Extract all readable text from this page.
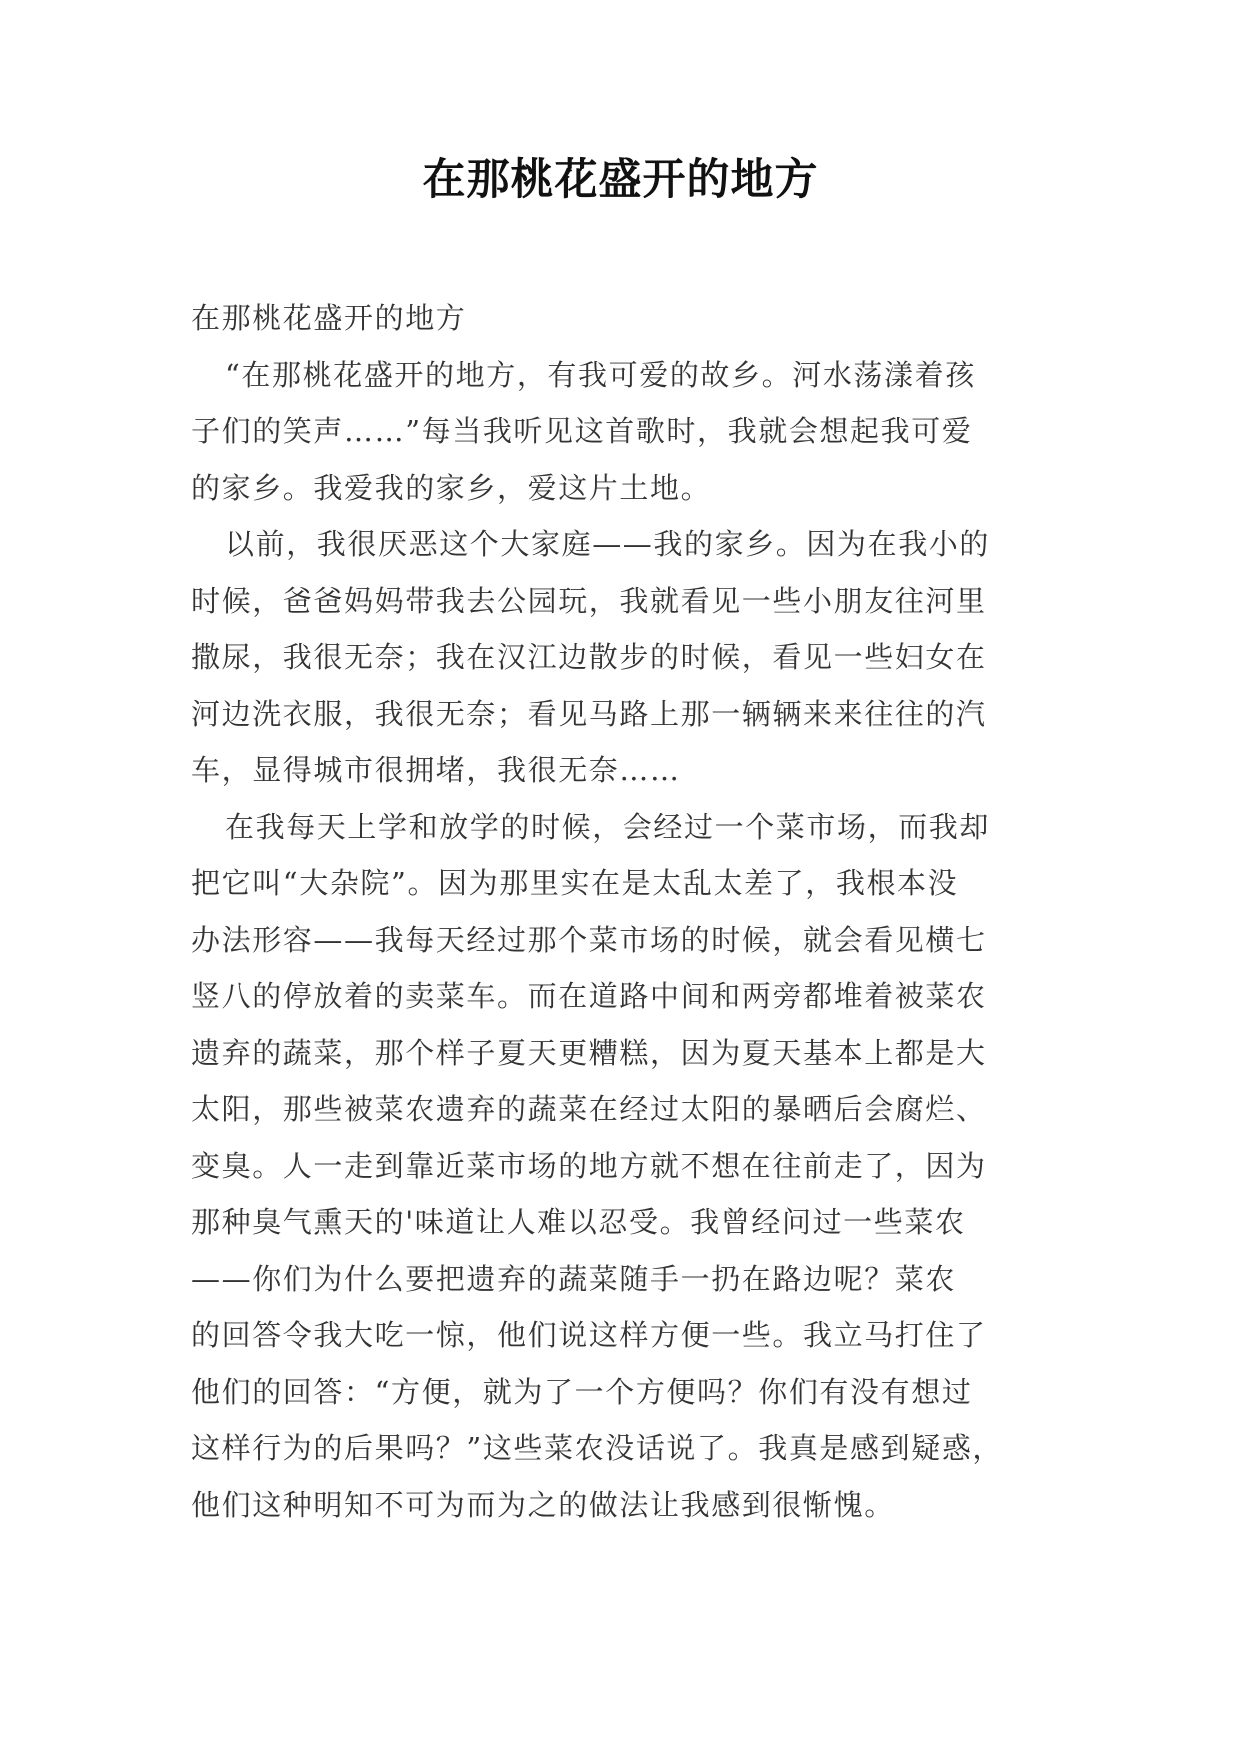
在那桃花盛开的地方
在那桃花盛开的地方
“在那桃花盛开的地方，有我可爱的故乡。河水荡漾着孩
子们的笑声……”每当我听见这首歌时，我就会想起我可爱
的家乡。我爱我的家乡，爱这片土地。
以前，我很厌恶这个大家庭——我的家乡。因为在我小的
时候，爸爸妈妈带我去公园玩，我就看见一些小朋友往河里
撒尿，我很无奈；我在汉江边散步的时候，看见一些妇女在
河边洗衣服，我很无奈；看见马路上那一辆辆来来往往的汽
车，显得城市很拥堵，我很无奈……
在我每天上学和放学的时候，会经过一个菜市场，而我却
把它叫“大杂院”。因为那里实在是太乱太差了，我根本没
办法形容——我每天经过那个菜市场的时候，就会看见横七
竖八的停放着的卖菜车。而在道路中间和两旁都堆着被菜农
遗弃的蔬菜，那个样子夏天更糟糕，因为夏天基本上都是大
太阳，那些被菜农遗弃的蔬菜在经过太阳的暴晒后会腐烂、
变臭。人一走到靠近菜市场的地方就不想在往前走了，因为
那种臭气熏天的'味道让人难以忍受。我曾经问过一些菜农
——你们为什么要把遗弃的蔬菜随手一扔在路边呢？菜农
的回答令我大吃一惊，他们说这样方便一些。我立马打住了
他们的回答：“方便，就为了一个方便吗？你们有没有想过
这样行为的后果吗？”这些菜农没话说了。我真是感到疑惑，
他们这种明知不可为而为之的做法让我感到很惭愧。
